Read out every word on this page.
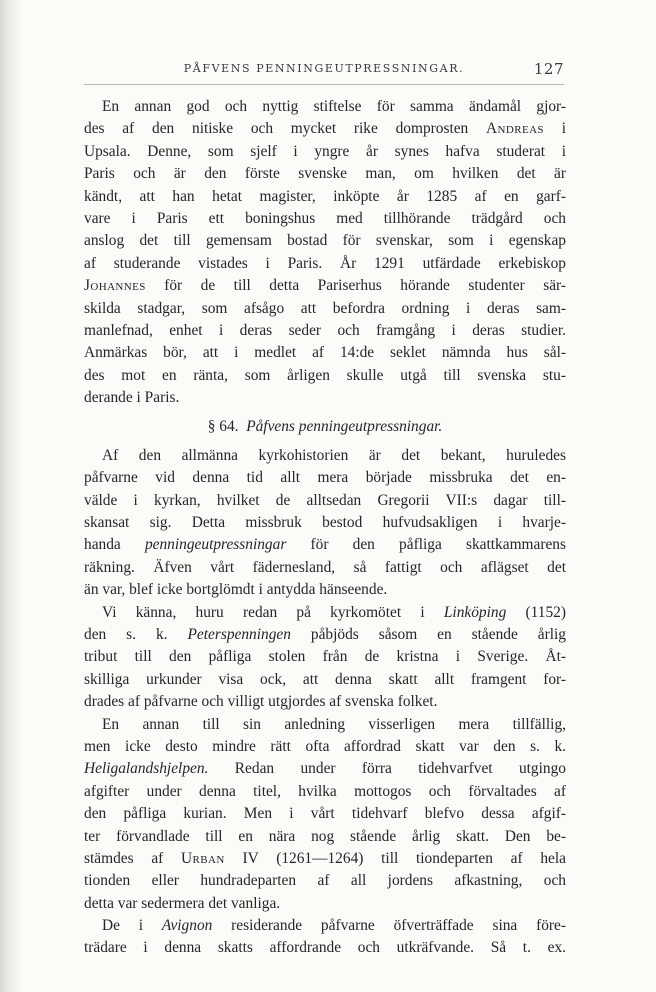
PÅFVENS PENNINGEUTPRESSNINGAR.	127
En annan god och nyttig stiftelse för samma ändamål gjor-
des af den nitiske och mycket rike domprosten Andreas i
Upsala. Denne, som sjelf i yngre år synes hafva studerat i
Paris och är den förste svenske man, om hvilken det är
kändt, att han hetat magister, inköpte år 1285 af en garf-
vare i Paris ett boningshus med tillhörande trädgård och
anslog det till gemensam bostad för svenskar, som i egenskap
af studerande vistades i Paris. År 1291 utfärdade erkebiskop
Johannes för de till detta Pariserhus hörande studenter sär-
skilda stadgar, som afsågo att befordra ordning i deras sam-
manlefnad, enhet i deras seder och framgång i deras studier.
Anmärkas bör, att i medlet af 14:de seklet nämnda hus sål-
des mot en ränta, som årligen skulle utgå till svenska stu-
derande i Paris.
§ 64. Påfvens penningeutpressningar.
Af den allmänna kyrkohistorien är det bekant, huruledes
påfvarne vid denna tid allt mera började missbruka det en-
välde i kyrkan, hvilket de alltsedan Gregorii VII:s dagar till-
skansat sig. Detta missbruk bestod hufvudsakligen i hvarje-
handa penningeutpressningar för den påfliga skattkammarens
räkning. Äfven vårt fädernesland, så fattigt och aflägset det
än var, blef icke bortglömdt i antydda hänseende.
Vi känna, huru redan på kyrkomötet i Linköping (1152)
den s. k. Peterspenningen påbjöds såsom en stående årlig
tribut till den påfliga stolen från de kristna i Sverige. Åt-
skilliga urkunder visa ock, att denna skatt allt framgent for-
drades af påfvarne och villigt utgjordes af svenska folket.
En annan till sin anledning visserligen mera tillfällig,
men icke desto mindre rätt ofta affordrad skatt var den s. k.
Heligalandshjelpen. Redan under förra tidehvarfvet utgingo
afgifter under denna titel, hvilka mottogos och förvaltades af
den påfliga kurian. Men i vårt tidehvarf blefvo dessa afgif-
ter förvandlade till en nära nog stående årlig skatt. Den be-
stämdes af Urban IV (1261—1264) till tiondeparten af hela
tionden eller hundradeparten af all jordens afkastning, och
detta var sedermera det vanliga.
De i Avignon residerande påfvarne öfverträffade sina före-
trädare i denna skatts affordrande och utkräfvande. Så t. ex.
